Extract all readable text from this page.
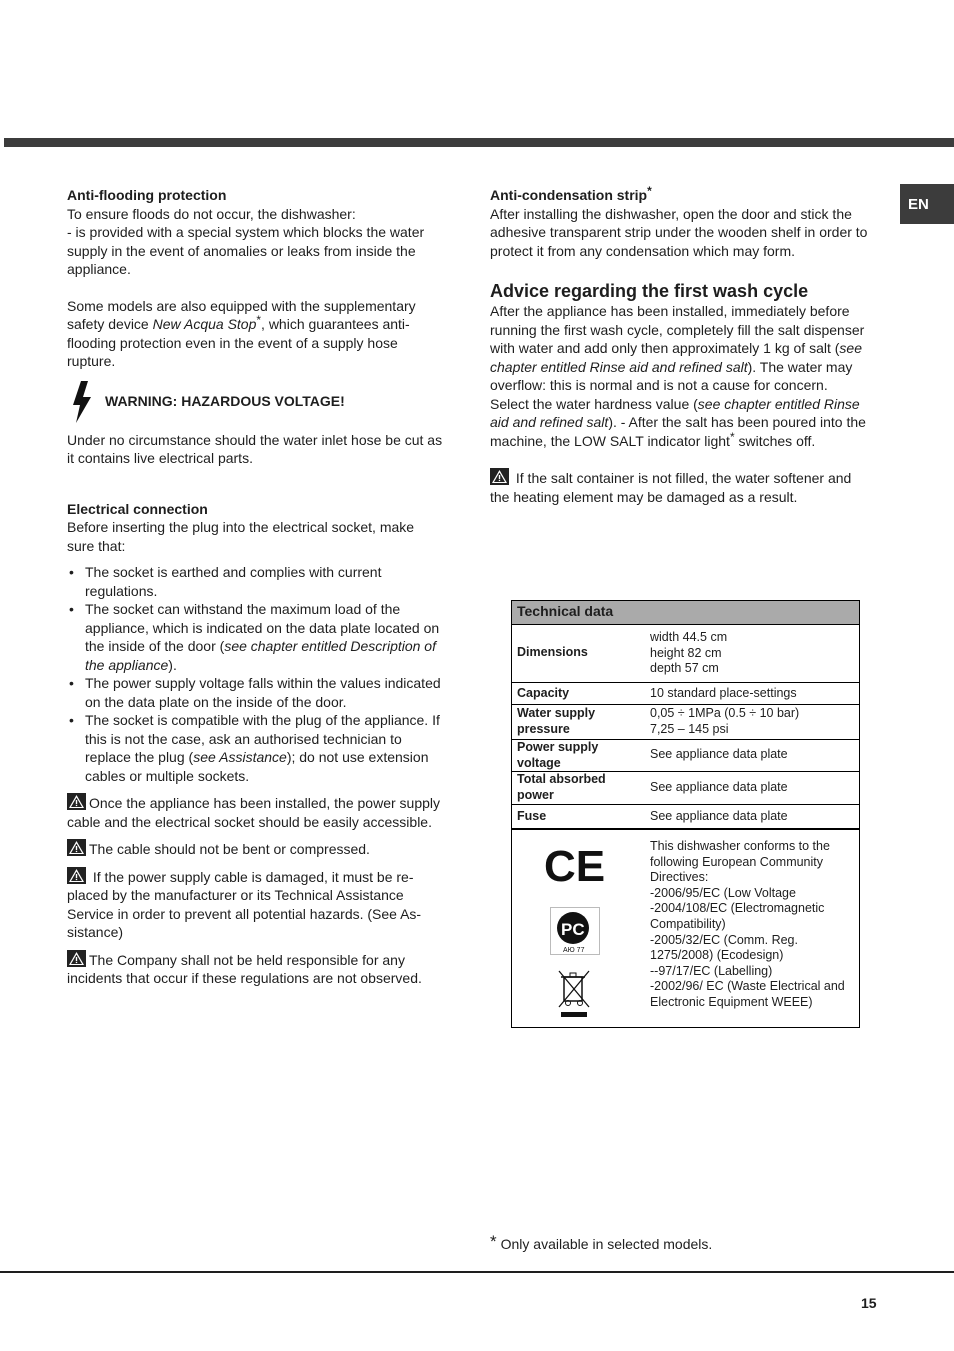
EN
Anti-flooding protection

To ensure floods do not occur, the dishwasher:
- is provided with a special system which blocks the water supply in the event of anomalies or leaks from inside the appliance.

Some models are also equipped with the supplementary safety device New Acqua Stop*, which guarantees anti-flooding protection even in the event of a supply hose rupture.

WARNING: HAZARDOUS VOLTAGE!

Under no circumstance should the water inlet hose be cut as it contains live electrical parts.

Electrical connection

Before inserting the plug into the electrical socket, make sure that:

• The socket is earthed and complies with current regulations.
• The socket can withstand the maximum load of the appliance, which is indicated on the data plate located on the inside of the door (see chapter entitled Description of the appliance).
• The power supply voltage falls within the values indicated on the data plate on the inside of the door.
• The socket is compatible with the plug of the appliance. If this is not the case, ask an authorised technician to replace the plug (see Assistance); do not use extension cables or multiple sockets.

Once the appliance has been installed, the power supply cable and the electrical socket should be easily accessible.

The cable should not be bent or compressed.

If the power supply cable is damaged, it must be re-placed by the manufacturer or its Technical Assistance Service in order to prevent all potential hazards. (See As-sistance)

The Company shall not be held responsible for any incidents that occur if these regulations are not observed.

Anti-condensation strip*

After installing the dishwasher, open the door and stick the adhesive transparent strip under the wooden shelf in order to protect it from any condensation which may form.

Advice regarding the first wash cycle

After the appliance has been installed, immediately before running the first wash cycle, completely fill the salt dispenser with water and add only then approximately 1 kg of salt (see chapter entitled Rinse aid and refined salt). The water may overflow: this is normal and is not a cause for concern. Select the water hardness value (see chapter entitled Rinse aid and refined salt). - After the salt has been poured into the machine, the LOW SALT indicator light* switches off.

If the salt container is not filled, the water softener and the heating element may be damaged as a result.

Technical data
Dimensions
width 44.5 cm
height 82 cm
depth 57 cm
Capacity	10 standard place-settings
Water supply pressure
0,05 ÷ 1MPa (0.5 ÷ 10 bar)
7,25 – 145 psi
Power supply voltage
See appliance data plate
Total absorbed power
See appliance data plate
Fuse	See appliance data plate
CE
PC
АЮ 77
This dishwasher conforms to the following European Community Directives:
-2006/95/EC (Low Voltage
-2004/108/EC (Electromagnetic Compatibility)
-2005/32/EC (Comm. Reg. 1275/2008) (Ecodesign)
--97/17/EC (Labelling)
-2002/96/ EC (Waste Electrical and Electronic Equipment WEEE)
* Only available in selected models.
15
